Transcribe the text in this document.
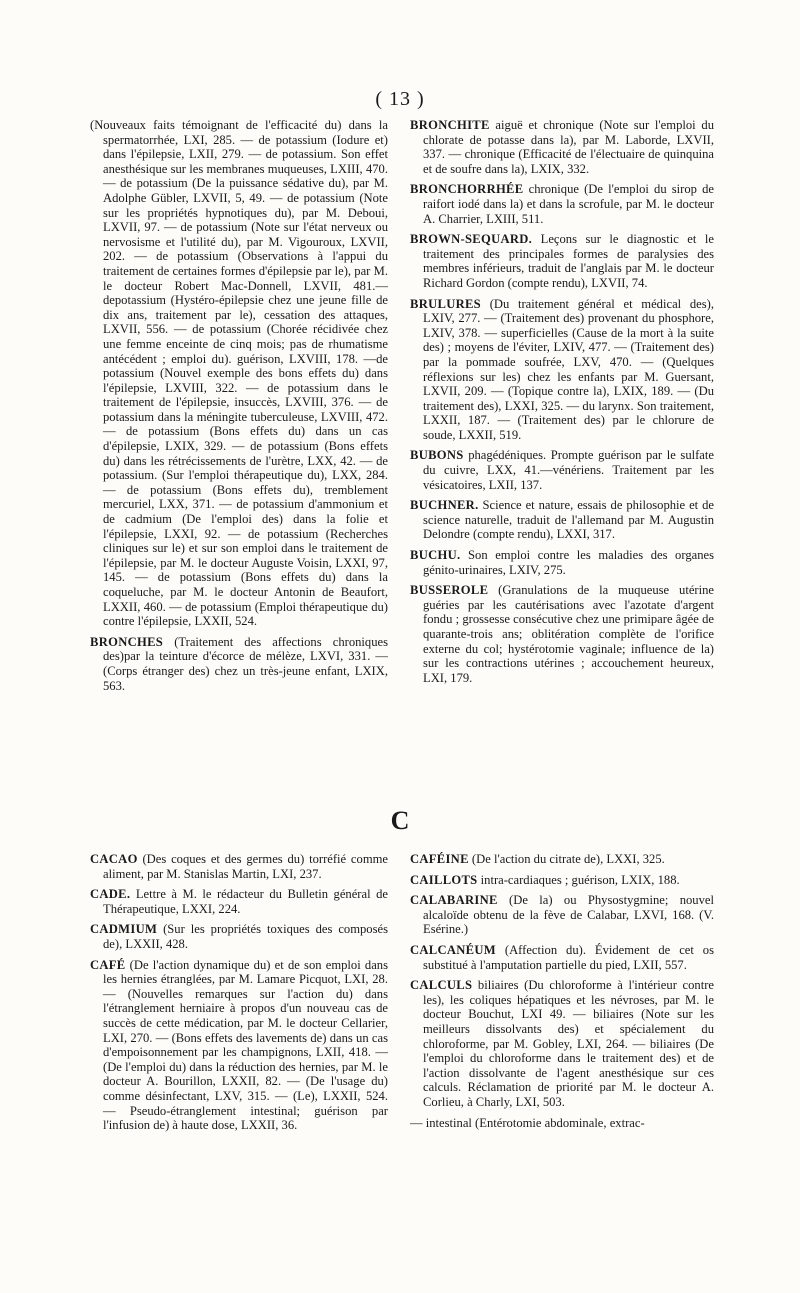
( 13 )

(Nouveaux faits témoignant de l'efficacité du) dans la spermatorrhée, LXI, 285. — de potassium (Iodure et) dans l'épilepsie, LXII, 279. — de potassium. Son effet anesthésique sur les membranes muqueuses, LXIII, 470. — de potassium (De la puissance sédative du), par M. Adolphe Gübler, LXVII, 5, 49. — de potassium (Note sur les propriétés hypnotiques du), par M. Deboui, LXVII, 97. — de potassium (Note sur l'état nerveux ou nervosisme et l'utilité du), par M. Vigouroux, LXVII, 202. — de potassium (Observations à l'appui du traitement de certaines formes d'épilepsie par le), par M. le docteur Robert Mac-Donnell, LXVII, 481.—depotassium (Hystéro-épilepsie chez une jeune fille de dix ans, traitement par le), cessation des attaques, LXVII, 556. — de potassium (Chorée récidivée chez une femme enceinte de cinq mois; pas de rhumatisme antécédent ; emploi du). guérison, LXVIII, 178. —de potassium (Nouvel exemple des bons effets du) dans l'épilepsie, LXVIII, 322. — de potassium dans le traitement de l'épilepsie, insuccès, LXVIII, 376. — de potassium dans la méningite tuberculeuse, LXVIII, 472. — de potassium (Bons effets du) dans un cas d'épilepsie, LXIX, 329. — de potassium (Bons effets du) dans les rétrécissements de l'urètre, LXX, 42. — de potassium. (Sur l'emploi thérapeutique du), LXX, 284. — de potassium (Bons effets du), tremblement mercuriel, LXX, 371. — de potassium d'ammonium et de cadmium (De l'emploi des) dans la folie et l'épilepsie, LXXI, 92. — de potassium (Recherches cliniques sur le) et sur son emploi dans le traitement de l'épilepsie, par M. le docteur Auguste Voisin, LXXI, 97, 145. — de potassium (Bons effets du) dans la coqueluche, par M. le docteur Antonin de Beaufort, LXXII, 460. — de potassium (Emploi thérapeutique du) contre l'épilepsie, LXXII, 524.

BRONCHES (Traitement des affections chroniques des)par la teinture d'écorce de mélèze, LXVI, 331. — (Corps étranger des) chez un très-jeune enfant, LXIX, 563.

BRONCHITE aiguë et chronique (Note sur l'emploi du chlorate de potasse dans la), par M. Laborde, LXVII, 337. — chronique (Efficacité de l'électuaire de quinquina et de soufre dans la), LXIX, 332.

BRONCHORRHÉE chronique (De l'emploi du sirop de raifort iodé dans la) et dans la scrofule, par M. le docteur A. Charrier, LXIII, 511.

BROWN-SEQUARD. Leçons sur le diagnostic et le traitement des principales formes de paralysies des membres inférieurs, traduit de l'anglais par M. le docteur Richard Gordon (compte rendu), LXVII, 74.

BRULURES (Du traitement général et médical des), LXIV, 277. — (Traitement des) provenant du phosphore, LXIV, 378. — superficielles (Cause de la mort à la suite des) ; moyens de l'éviter, LXIV, 477. — (Traitement des) par la pommade soufrée, LXV, 470. — (Quelques réflexions sur les) chez les enfants par M. Guersant, LXVII, 209. — (Topique contre la), LXIX, 189. — (Du traitement des), LXXI, 325. — du larynx. Son traitement, LXXII, 187. — (Traitement des) par le chlorure de soude, LXXII, 519.

BUBONS phagédéniques. Prompte guérison par le sulfate du cuivre, LXX, 41.—vénériens. Traitement par les vésicatoires, LXII, 137.

BUCHNER. Science et nature, essais de philosophie et de science naturelle, traduit de l'allemand par M. Augustin Delondre (compte rendu), LXXI, 317.

BUCHU. Son emploi contre les maladies des organes génito-urinaires, LXIV, 275.

BUSSEROLE (Granulations de la muqueuse utérine guéries par les cautérisations avec l'azotate d'argent fondu ; grossesse consécutive chez une primipare âgée de quarante-trois ans; oblitération complète de l'orifice externe du col; hystérotomie vaginale; influence de la) sur les contractions utérines ; accouchement heureux, LXI, 179.

C

CACAO (Des coques et des germes du) torréfié comme aliment, par M. Stanislas Martin, LXI, 237.

CADE. Lettre à M. le rédacteur du Bulletin général de Thérapeutique, LXXI, 224.

CADMIUM (Sur les propriétés toxiques des composés de), LXXII, 428.

CAFÉ (De l'action dynamique du) et de son emploi dans les hernies étranglées, par M. Lamare Picquot, LXI, 28. — (Nouvelles remarques sur l'action du) dans l'étranglement herniaire à propos d'un nouveau cas de succès de cette médication, par M. le docteur Cellarier, LXI, 270. — (Bons effets des lavements de) dans un cas d'empoisonnement par les champignons, LXII, 418. — (De l'emploi du) dans la réduction des hernies, par M. le docteur A. Bourillon, LXXII, 82. — (De l'usage du) comme désinfectant, LXV, 315. — (Le), LXXII, 524. — Pseudo-étranglement intestinal; guérison par l'infusion de) à haute dose, LXXII, 36.

CAFÉINE (De l'action du citrate de), LXXI, 325.

CAILLOTS intra-cardiaques ; guérison, LXIX, 188.

CALABARINE (De la) ou Physostygmine; nouvel alcaloïde obtenu de la fève de Calabar, LXVI, 168. (V. Esérine.)

CALCANÉUM (Affection du). Évidement de cet os substitué à l'amputation partielle du pied, LXII, 557.

CALCULS biliaires (Du chloroforme à l'intérieur contre les), les coliques hépatiques et les névroses, par M. le docteur Bouchut, LXI 49. — biliaires (Note sur les meilleurs dissolvants des) et spécialement du chloroforme, par M. Gobley, LXI, 264. — biliaires (De l'emploi du chloroforme dans le traitement des) et de l'action dissolvante de l'agent anesthésique sur ces calculs. Réclamation de priorité par M. le docteur A. Corlieu, à Charly, LXI, 503.

— intestinal (Entérotomie abdominale, extrac-
